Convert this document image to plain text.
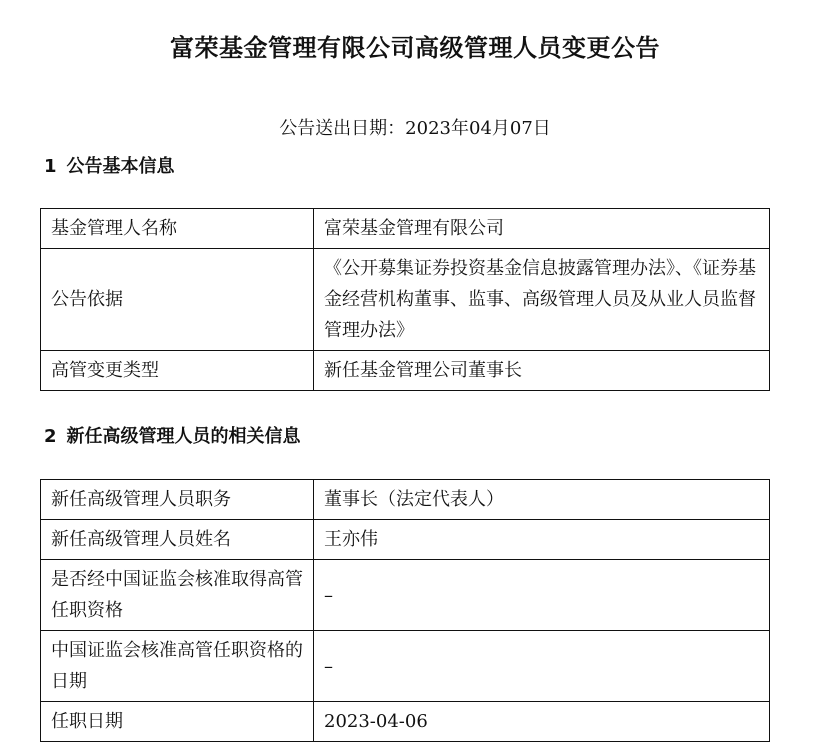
富荣基金管理有限公司高级管理人员变更公告
公告送出日期：2023年04月07日
1 公告基本信息
基金管理人名称	富荣基金管理有限公司
公告依据	《公开募集证券投资基金信息披露管理办法》、《证券基金经营机构董事、监事、高级管理人员及从业人员监督管理办法》
高管变更类型	新任基金管理公司董事长
2 新任高级管理人员的相关信息
新任高级管理人员职务	董事长（法定代表人）
新任高级管理人员姓名	王亦伟
是否经中国证监会核准取得高管任职资格	–
中国证监会核准高管任职资格的日期	–
任职日期	2023-04-06
